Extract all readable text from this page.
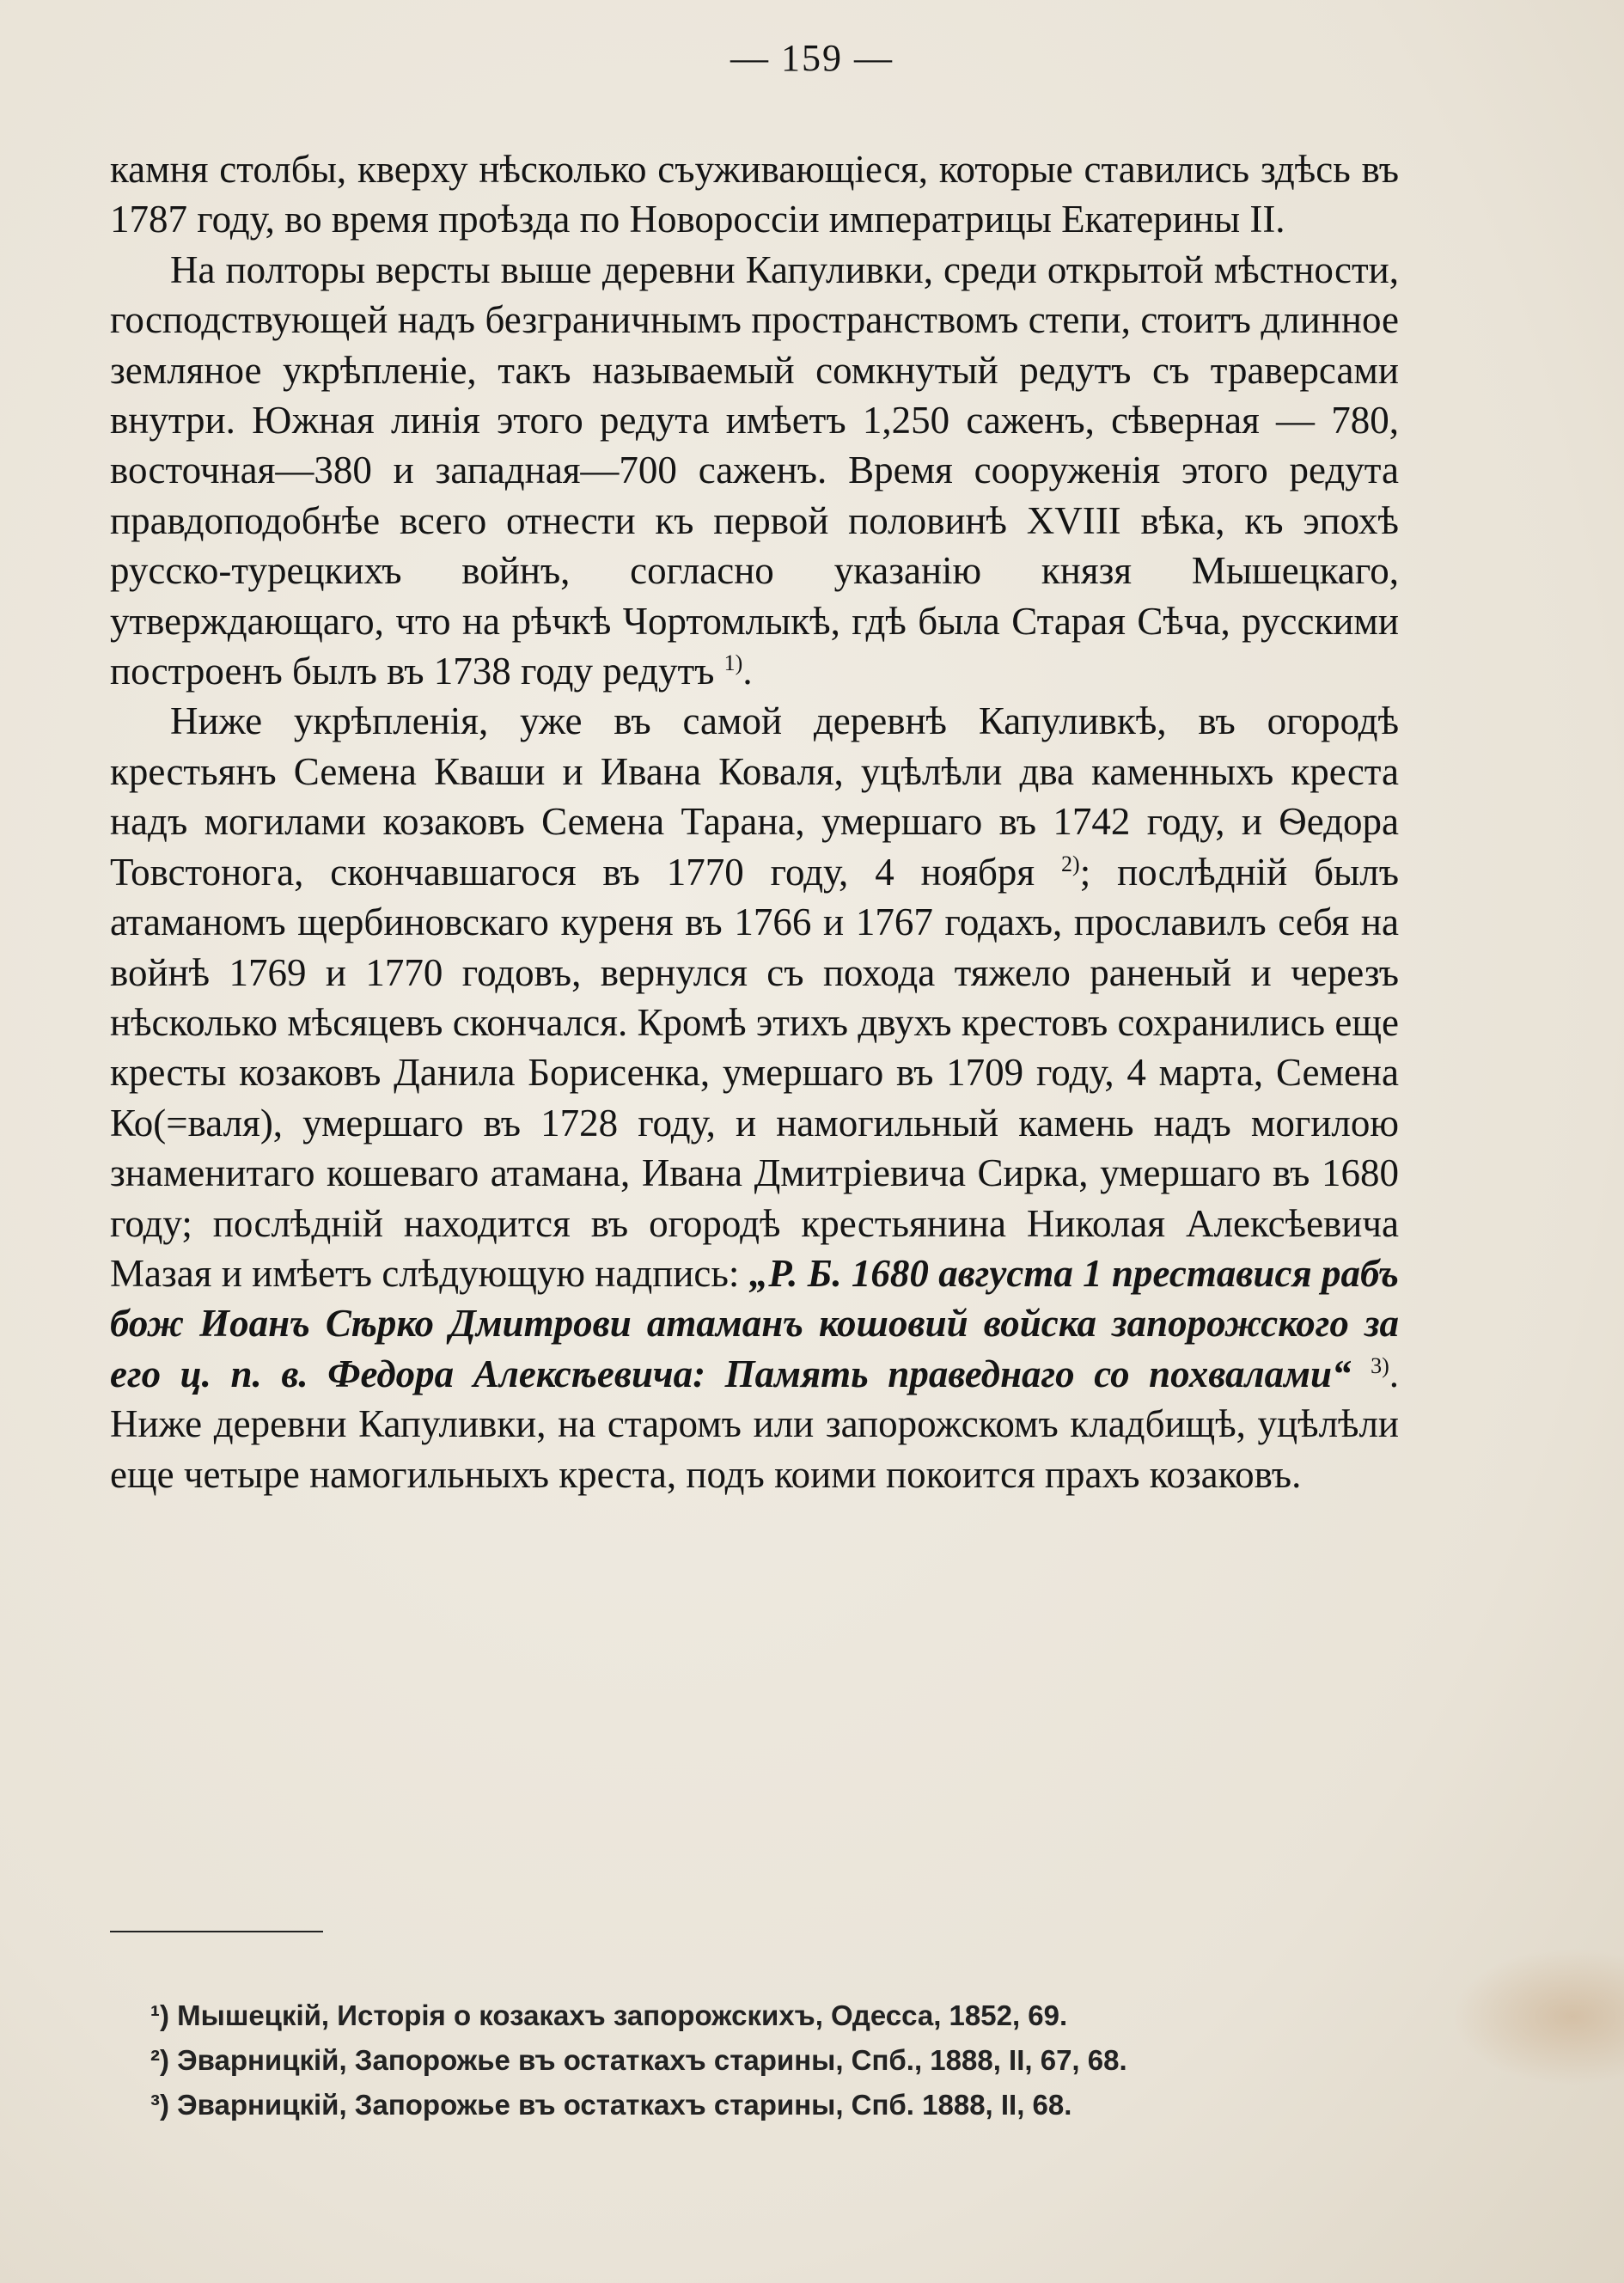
— 159 —

камня столбы, кверху нѣсколько съуживающіеся, которые ставились здѣсь въ 1787 году, во время проѣзда по Новороссіи императрицы Екатерины II.

На полторы версты выше деревни Капуливки, среди открытой мѣстности, господствующей надъ безграничнымъ пространствомъ степи, стоитъ длинное земляное укрѣпленіе, такъ называемый сомкнутый редутъ съ траверсами внутри. Южная линія этого редута имѣетъ 1,250 саженъ, сѣверная — 780, восточная—380 и западная—700 саженъ. Время сооруженія этого редута правдоподобнѣе всего отнести къ первой половинѣ XVIII вѣка, къ эпохѣ русско-турецкихъ войнъ, согласно указанію князя Мышецкаго, утверждающаго, что на рѣчкѣ Чортомлыкѣ, гдѣ была Старая Сѣча, русскими построенъ былъ въ 1738 году редутъ $^{1)}$.

Ниже укрѣпленія, уже въ самой деревнѣ Капуливкѣ, въ огородѣ крестьянъ Семена Кваши и Ивана Коваля, уцѣлѣли два каменныхъ креста надъ могилами козаковъ Семена Тарана, умершаго въ 1742 году, и Ѳедора Товстонога, скончавшагося въ 1770 году, 4 ноября $^{2)}$; послѣдній былъ атаманомъ щербиновскаго куреня въ 1766 и 1767 годахъ, прославилъ себя на войнѣ 1769 и 1770 годовъ, вернулся съ похода тяжело раненый и черезъ нѣсколько мѣсяцевъ скончался. Кромѣ этихъ двухъ крестовъ сохранились еще кресты козаковъ Данила Борисенка, умершаго въ 1709 году, 4 марта, Семена Ко(=валя), умершаго въ 1728 году, и намогильный камень надъ могилою знаменитаго кошеваго атамана, Ивана Дмитріевича Сирка, умершаго въ 1680 году; послѣдній находится въ огородѣ крестьянина Николая Алексѣевича Мазая и имѣетъ слѣдующую надпись: „Р. Б. 1680 августа 1 преставися рабъ бож Иоанъ Сѣрко Дмитрови атаманъ кошовий войска запорожского за его ц. п. в. Федора Алексѣевича: Память праведнаго со похвалами“ $^{3)}$. Ниже деревни Капуливки, на старомъ или запорожскомъ кладбищѣ, уцѣлѣли еще четыре намогильныхъ креста, подъ коими покоится прахъ козаковъ.

¹) Мышецкій, Исторія о козакахъ запорожскихъ, Одесса, 1852, 69.
²) Эварницкій, Запорожье въ остаткахъ старины, Спб., 1888, II, 67, 68.
³) Эварницкій, Запорожье въ остаткахъ старины, Спб. 1888, II, 68.
